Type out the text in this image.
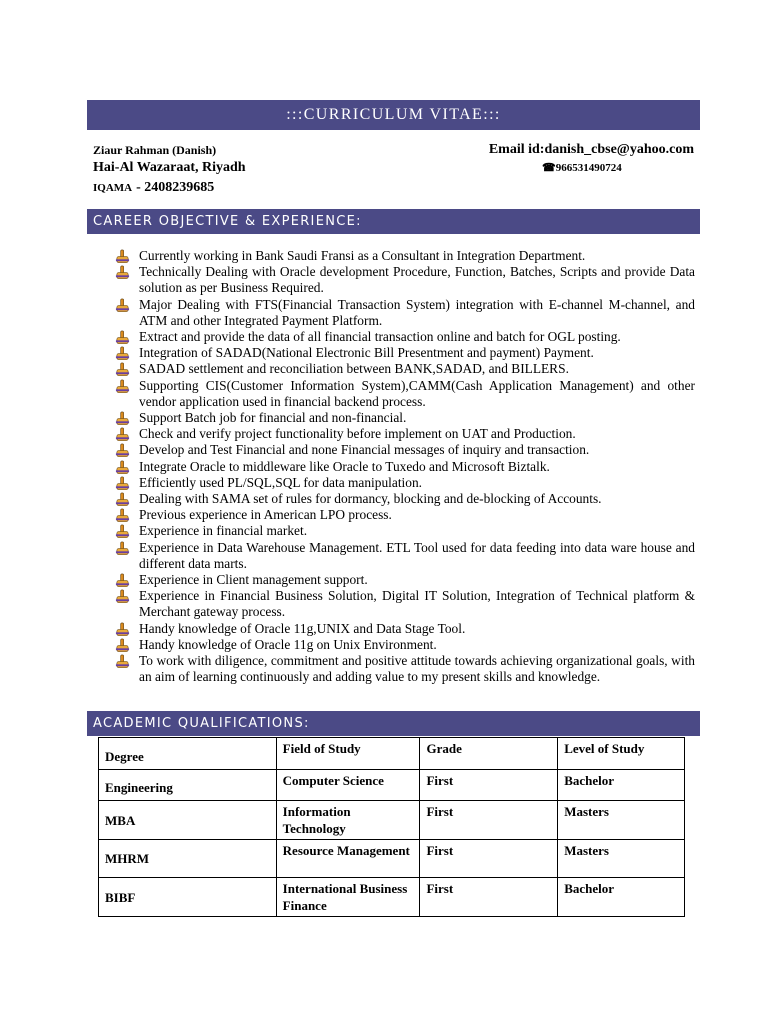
:::CURRICULUM VITAE:::
Ziaur Rahman (Danish)	Email id:danish_cbse@yahoo.com
Hai-Al Wazaraat, Riyadh	☎966531490724
IQAMA - 2408239685
CAREER OBJECTIVE & EXPERIENCE:
Currently working in Bank Saudi Fransi as a Consultant in Integration Department.
Technically Dealing with Oracle development Procedure, Function, Batches, Scripts and provide Data solution as per Business Required.
Major Dealing with FTS(Financial Transaction System) integration with E-channel M-channel, and ATM and other Integrated Payment Platform.
Extract and provide the data of all financial transaction online and batch for OGL posting.
Integration of SADAD(National Electronic Bill Presentment and payment) Payment.
SADAD settlement and reconciliation between BANK,SADAD, and BILLERS.
Supporting CIS(Customer Information System),CAMM(Cash Application Management) and other vendor application used in financial backend process.
Support Batch job for financial and non-financial.
Check and verify project functionality before implement on UAT and Production.
Develop and Test Financial and none Financial messages of inquiry and transaction.
Integrate Oracle to middleware like Oracle to Tuxedo and Microsoft Biztalk.
Efficiently used PL/SQL,SQL for data manipulation.
Dealing with SAMA set of rules for dormancy, blocking and de-blocking of Accounts.
Previous experience in American LPO process.
Experience in financial market.
Experience in Data Warehouse Management. ETL Tool used for data feeding into data ware house and different data marts.
Experience in Client management support.
Experience in Financial Business Solution, Digital IT Solution, Integration of Technical platform & Merchant gateway process.
Handy knowledge of Oracle 11g,UNIX and Data Stage Tool.
Handy knowledge of Oracle 11g on Unix Environment.
To work with diligence, commitment and positive attitude towards achieving organizational goals, with an aim of learning continuously and adding value to my present skills and knowledge.
ACADEMIC QUALIFICATIONS:
Degree	Field of Study	Grade	Level of Study
Engineering	Computer Science	First	Bachelor
MBA	Information Technology	First	Masters
MHRM	Resource Management	First	Masters
BIBF	International Business Finance	First	Bachelor
